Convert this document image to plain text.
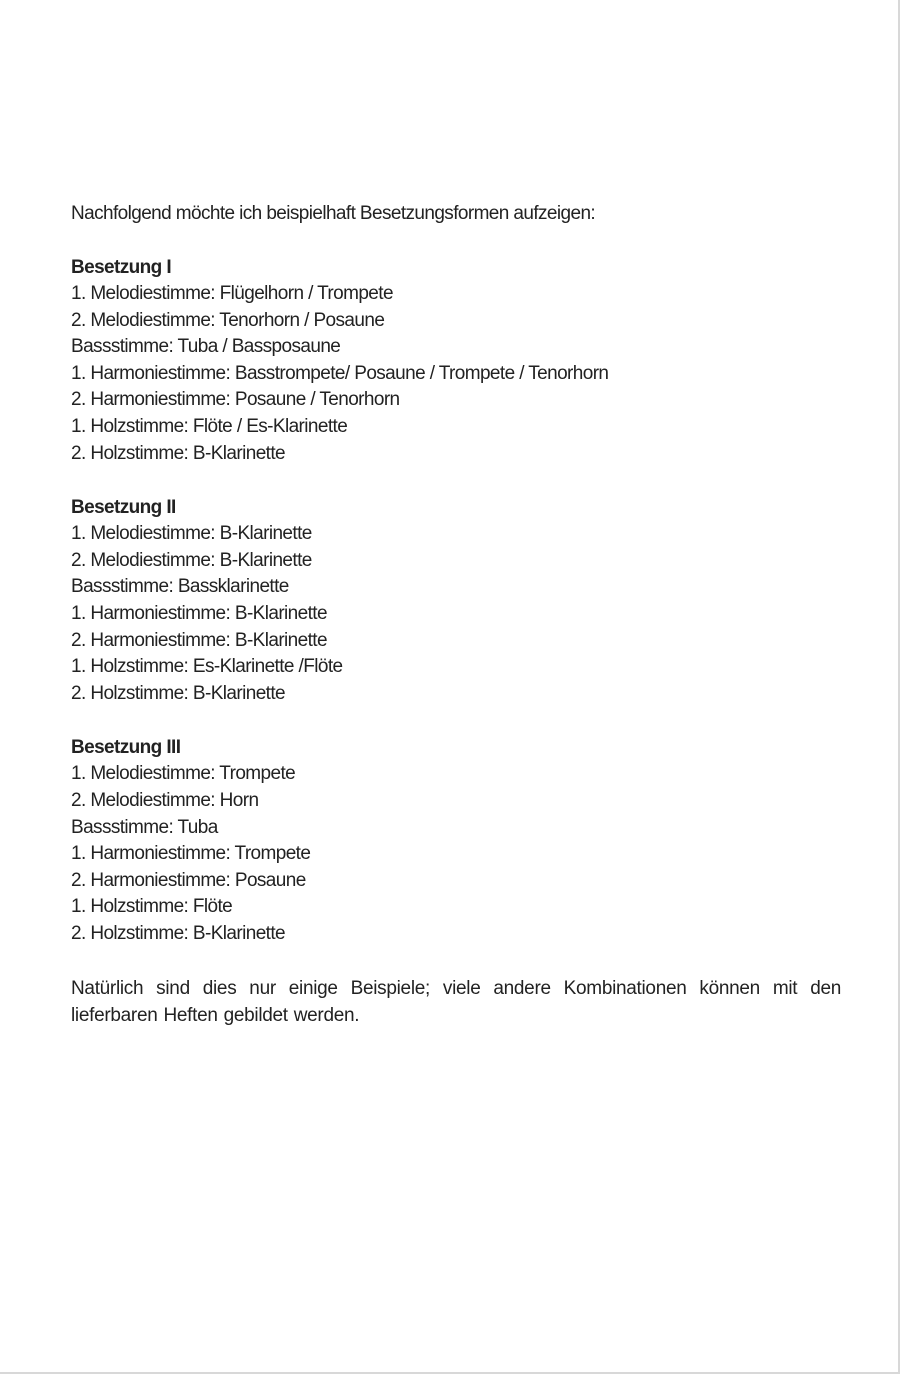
Nachfolgend möchte ich beispielhaft Besetzungsformen aufzeigen:

Besetzung I

1. Melodiestimme: Flügelhorn / Trompete

2. Melodiestimme: Tenorhorn / Posaune

Bassstimme: Tuba / Bassposaune

1. Harmoniestimme: Basstrompete/ Posaune / Trompete / Tenorhorn

2. Harmoniestimme: Posaune / Tenorhorn

1. Holzstimme: Flöte / Es-Klarinette

2. Holzstimme: B-Klarinette

Besetzung II

1. Melodiestimme: B-Klarinette

2. Melodiestimme: B-Klarinette

Bassstimme: Bassklarinette

1. Harmoniestimme: B-Klarinette

2. Harmoniestimme: B-Klarinette

1. Holzstimme: Es-Klarinette /Flöte

2. Holzstimme: B-Klarinette

Besetzung III

1. Melodiestimme: Trompete

2. Melodiestimme: Horn

Bassstimme: Tuba

1. Harmoniestimme: Trompete

2. Harmoniestimme: Posaune

1. Holzstimme: Flöte

2. Holzstimme: B-Klarinette

Natürlich sind dies nur einige Beispiele; viele andere Kombinationen können mit den lieferbaren Heften gebildet werden.
